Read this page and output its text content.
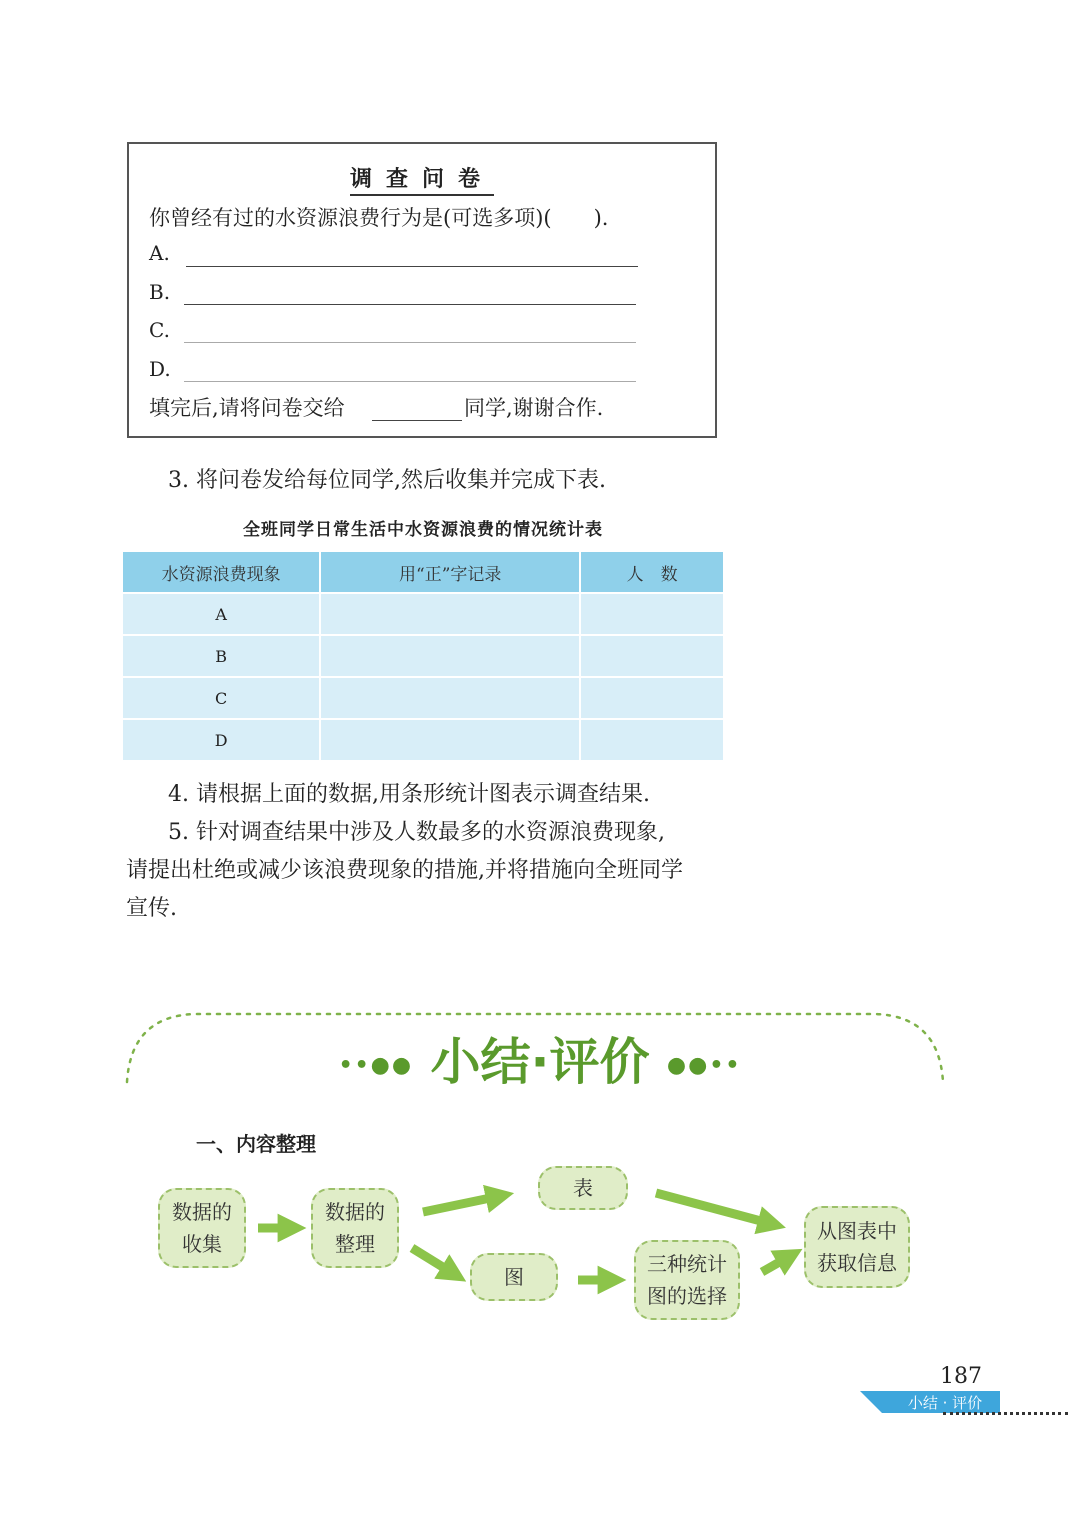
调查问卷
你曾经有过的水资源浪费行为是(可选多项)(　　).
A.
B.
C.
D.
填完后,请将问卷交给	同学,谢谢合作.
3. 将问卷发给每位同学,然后收集并完成下表.
全班同学日常生活中水资源浪费的情况统计表
水资源浪费现象	用“正”字记录	人　数
A		
B		
C		
D		
4. 请根据上面的数据,用条形统计图表示调查结果.
5. 针对调查结果中涉及人数最多的水资源浪费现象,
请提出杜绝或减少该浪费现象的措施,并将措施向全班同学
宣传.
••●● 小结·评价 ●●••
一、内容整理
数据的
收集
数据的
整理
表
图
三种统计
图的选择
从图表中
获取信息
187
小结 · 评价
